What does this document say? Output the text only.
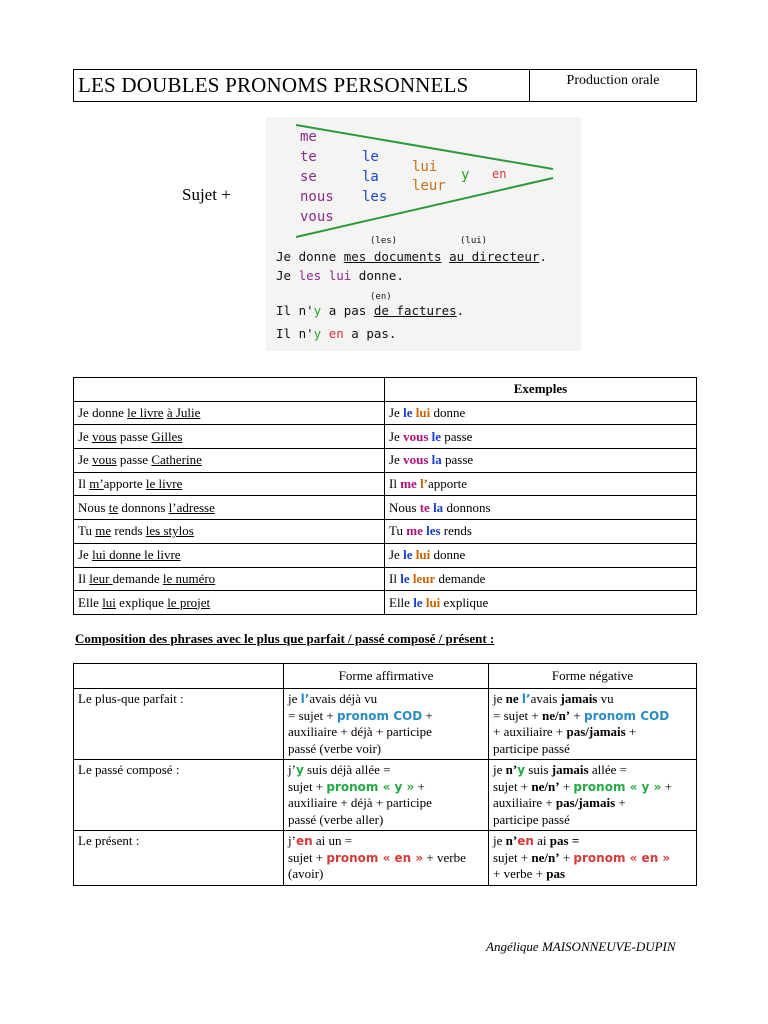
LES DOUBLES PRONOMS PERSONNELS	Production orale
Sujet +
me
te
se
nous
vous
le
la
les
lui
leur
y en
(les)	(lui)
Je donne mes documents au directeur.
Je les lui donne.
(en)
Il n'y a pas de factures.
Il n'y en a pas.
	Exemples
Je donne le livre à Julie	Je le lui donne
Je vous passe Gilles	Je vous le passe
Je vous passe Catherine	Je vous la passe
Il m’apporte le livre	Il me l’apporte
Nous te donnons l’adresse	Nous te la donnons
Tu me rends les stylos	Tu me les rends
Je lui donne le livre	Je le lui donne
Il leur demande le numéro	Il le leur demande
Elle lui explique le projet	Elle le lui explique
Composition des phrases avec le plus que parfait / passé composé / présent :
	Forme affirmative	Forme négative
Le plus-que parfait :	je l’avais déjà vu
= sujet + pronom COD +
auxiliaire + déjà + participe
passé (verbe voir)	je ne l’avais jamais vu
= sujet + ne/n’ + pronom COD
+ auxiliaire + pas/jamais +
participe passé
Le passé composé :	j’y suis déjà allée =
sujet + pronom « y » +
auxiliaire + déjà + participe
passé (verbe aller)	je n’y suis jamais allée =
sujet + ne/n’ + pronom « y » +
auxiliaire + pas/jamais +
participe passé
Le présent :	j’en ai un =
sujet + pronom « en » + verbe
(avoir)	je n’en ai pas =
sujet + ne/n’ + pronom « en »
+ verbe + pas
Angélique MAISONNEUVE-DUPIN
